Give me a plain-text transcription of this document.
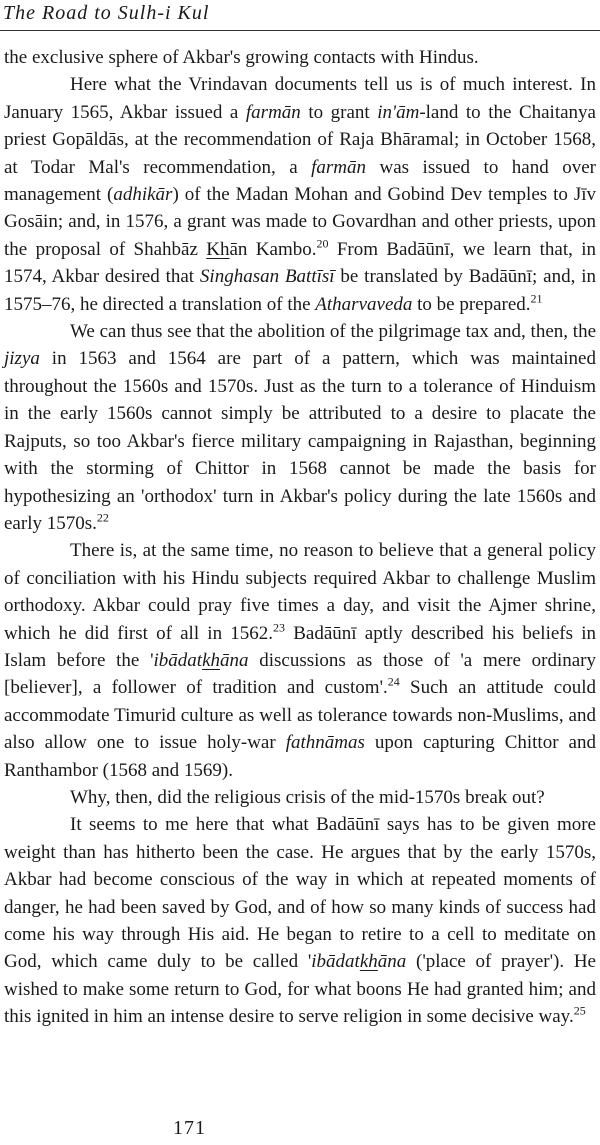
The Road to Sulh-i Kul

the exclusive sphere of Akbar's growing contacts with Hindus.

Here what the Vrindavan documents tell us is of much interest. In January 1565, Akbar issued a farmān to grant in'ām-land to the Chaitanya priest Gopāldās, at the recommendation of Raja Bhāramal; in October 1568, at Todar Mal's recommendation, a farmān was issued to hand over management (adhikār) of the Madan Mohan and Gobind Dev temples to Jīv Gosāin; and, in 1576, a grant was made to Govardhan and other priests, upon the proposal of Shahbāz Khān Kambo.$^{20}$ From Badāūnī, we learn that, in 1574, Akbar desired that Singhasan Battīsī be translated by Badāūnī; and, in 1575–76, he directed a translation of the Atharvaveda to be prepared.$^{21}$

We can thus see that the abolition of the pilgrimage tax and, then, the jizya in 1563 and 1564 are part of a pattern, which was maintained throughout the 1560s and 1570s. Just as the turn to a tolerance of Hinduism in the early 1560s cannot simply be attributed to a desire to placate the Rajputs, so too Akbar's fierce military campaigning in Rajasthan, beginning with the storming of Chittor in 1568 cannot be made the basis for hypothesizing an 'orthodox' turn in Akbar's policy during the late 1560s and early 1570s.$^{22}$

There is, at the same time, no reason to believe that a general policy of conciliation with his Hindu subjects required Akbar to challenge Muslim orthodoxy. Akbar could pray five times a day, and visit the Ajmer shrine, which he did first of all in 1562.23 Badāūnī aptly described his beliefs in Islam before the 'ibādatkhāna discussions as those of 'a mere ordinary [believer], a follower of tradition and custom'.$^{24}$ Such an attitude could accommodate Timurid culture as well as tolerance towards non-Muslims, and also allow one to issue holy-war fathnāmas upon capturing Chittor and Ranthambor (1568 and 1569).

Why, then, did the religious crisis of the mid-1570s break out?

It seems to me here that what Badāūnī says has to be given more weight than has hitherto been the case. He argues that by the early 1570s, Akbar had become conscious of the way in which at repeated moments of danger, he had been saved by God, and of how so many kinds of success had come his way through His aid. He began to retire to a cell to meditate on God, which came duly to be called 'ibādatkhāna ('place of prayer'). He wished to make some return to God, for what boons He had granted him; and this ignited in him an intense desire to serve religion in some decisive way.$^{25}$

171
